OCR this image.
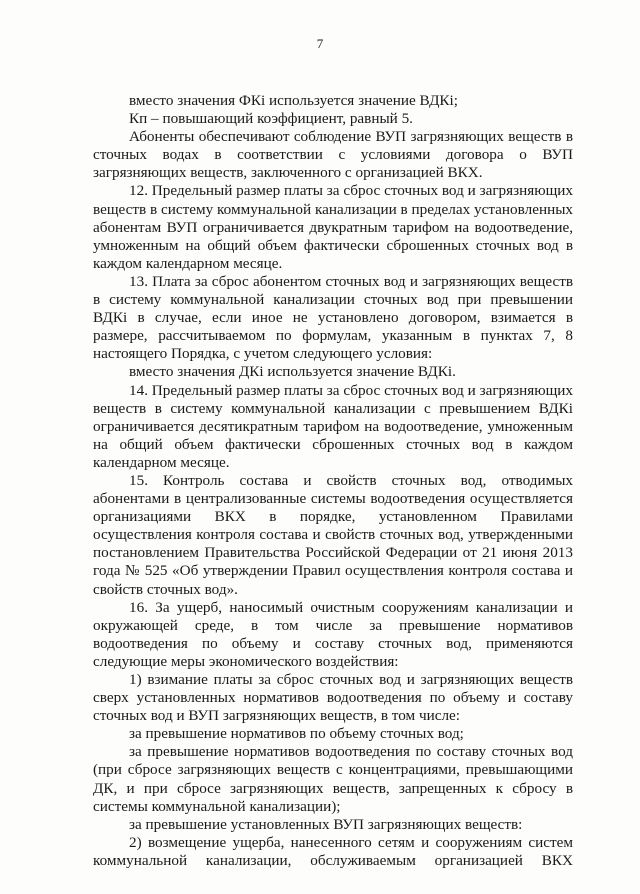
7

вместо значения ФКі используется значение ВДКі;

Кп – повышающий коэффициент, равный 5.

Абоненты обеспечивают соблюдение ВУП загрязняющих веществ в сточных водах в соответствии с условиями договора о ВУП загрязняющих веществ, заключенного с организацией ВКХ.

12. Предельный размер платы за сброс сточных вод и загрязняющих веществ в систему коммунальной канализации в пределах установленных абонентам ВУП ограничивается двукратным тарифом на водоотведение, умноженным на общий объем фактически сброшенных сточных вод в каждом календарном месяце.

13. Плата за сброс абонентом сточных вод и загрязняющих веществ в систему коммунальной канализации сточных вод при превышении ВДКі в случае, если иное не установлено договором, взимается в размере, рассчитываемом по формулам, указанным в пунктах 7, 8 настоящего Порядка, с учетом следующего условия:

вместо значения ДКі используется значение ВДКі.

14. Предельный размер платы за сброс сточных вод и загрязняющих веществ в систему коммунальной канализации с превышением ВДКі ограничивается десятикратным тарифом на водоотведение, умноженным на общий объем фактически сброшенных сточных вод в каждом календарном месяце.

15. Контроль состава и свойств сточных вод, отводимых абонентами в централизованные системы водоотведения осуществляется организациями ВКХ в порядке, установленном Правилами осуществления контроля состава и свойств сточных вод, утвержденными постановлением Правительства Российской Федерации от 21 июня 2013 года № 525 «Об утверждении Правил осуществления контроля состава и свойств сточных вод».

16. За ущерб, наносимый очистным сооружениям канализации и окружающей среде, в том числе за превышение нормативов водоотведения по объему и составу сточных вод, применяются следующие меры экономического воздействия:

1) взимание платы за сброс сточных вод и загрязняющих веществ сверх установленных нормативов водоотведения по объему и составу сточных вод и ВУП загрязняющих веществ, в том числе:

за превышение нормативов по объему сточных вод;

за превышение нормативов водоотведения по составу сточных вод (при сбросе загрязняющих веществ с концентрациями, превышающими ДК, и при сбросе загрязняющих веществ, запрещенных к сбросу в системы коммунальной канализации);

за превышение установленных ВУП загрязняющих веществ:

2) возмещение ущерба, нанесенного сетям и сооружениям систем коммунальной канализации, обслуживаемым организацией ВКХ
